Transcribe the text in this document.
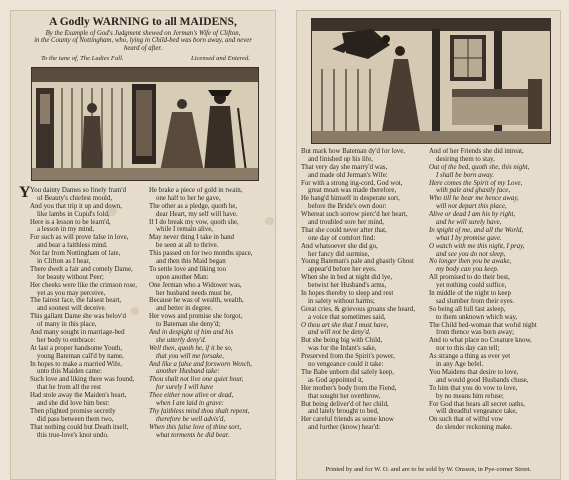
A Godly WARNING to all MAIDENS,
By the Example of God's Judgment shewed on Jerman's Wife of Clifton,
in the County of Nottingham, who, lying in Child-bed was born away, and never
heard of after.
To the tune of, The Ladies Fall.	Licensed and Entered.
Y You dainty Dames so finely fram'd
of Beauty's chiefest mould,
And you that trip it up and down,
like lambs in Cupid's fold,
Here is a lesson to be learn'd,
a lesson in my mind,
For such as will prove false in love,
and bear a faithless mind.
Not far from Nottingham of late,
in Clifton as I hear,
There dwelt a fair and comely Dame,
for beauty without Peer;
Her cheeks were like the crimson rose,
yet as you may perceive,
The fairest face, the falsest heart,
and soonest will deceive.
This gallant Dame she was belov'd
of many in this place,
And many sought in marriage-bed
her body to embrace:
At last a proper handsome Youth,
young Bateman call'd by name,
In hopes to make a married Wife,
unto this Maiden came:
Such love and liking there was found,
that he from all the rest
Had stole away the Maiden's heart,
and she did love him best:
Then plighted promise secretly
did pass between them two,
That nothing could but Death itself,
this true-love's knot undo.
He brake a piece of gold in twain,
one half to her he gave,
The other as a pledge, quoth he,
dear Heart, my self will have.
If I do break my vow, quoth she,
while I remain alive,
May never thing I take in hand
be seen at all to thrive.
This passed on for two months space,
and then this Maid began
To settle love and liking too
upon another Man:
One Jerman who a Widower was,
her husband needs must be,
Because he was of wealth, wealth,
and better in degree.
Her vows and promise she forgot,
to Bateman she deny'd;
And in despight of him and his
she utterly deny'd.
Well then, quoth he, if it be so,
that you will me forsake,
And like a false and forsworn Wench,
another Husband take:
Thou shalt not live one quiet hour,
for surely I will have
Thee either now alive or dead,
when I am laid in grave:
Thy faithless mind thou shalt repent,
therefore be well advis'd,
When this false love of thine sort,
what torments he did bear.
But mark how Bateman dy'd for love,
and finished up his life,
That very day she marry'd was,
and made old Jerman's Wife:
For with a strong ing-cord, God wot,
great moan was made therefore,
He hang'd himself in desperate sort,
before the Bride's own door:
Whereat such sorrow pierc'd her heart,
and troubled sore her mind,
That she could never after that,
one day of comfort find:
And whatsoever she did go,
her fancy did surmise,
Young Bateman's pale and ghastly Ghost
appear'd before her eyes.
When she in bed at night did lye,
betwixt her Husband's arms,
In hopes thereby to sleep and rest
in safety without harms;
Great cries, & grievous groans she heard,
a voice that sometimes said,
O thou art she that I must have,
and will not be deny'd.
But she being big with Child,
was for the Infant's sake,
Preserved from the Spirit's power,
no vengeance could it take:
The Babe unborn did safely keep,
as God appointed it,
Her mother's body from the Fiend,
that sought her overthrow,
But being deliver'd of her child,
and lately brought to bed,
Her careful friends as some know
and further (know) hear'd:
And of her Friends she did intreat,
desiring them to stay,
Out of the bed, quoth she, this night,
I shall be born away.
Here comes the Spirit of my Love,
with pale and ghastly face,
Who till he bear me hence away,
will not depart this place,
Alive or dead I am his by right,
and he will surely have,
In spight of me, and all the World,
what I by promise gave.
O watch with me this night, I pray,
and see you do not sleep,
No longer then you be awake,
my body can you keep.
All promised to do their best,
yet nothing could suffice,
In middle of the night to keep
sad slumber from their eyes.
So being all full fast asleep,
to them unknown which way,
The Child bed-woman that woful night
from thence was born away;
And to what place no Creature know,
nor to this day can tell;
As strange a thing as ever yet
in any Age befel.
You Maidens that desire to love,
and would good Husbands chuse,
To him that you do vow to love,
by no means him refuse;
For God that hears all secret oaths,
will dreadful vengeance take,
On such that of wilful vow
do slender reckoning make.
Printed by and for W. O. and are to be sold by W. Onsson, in Pye-corner Street.
